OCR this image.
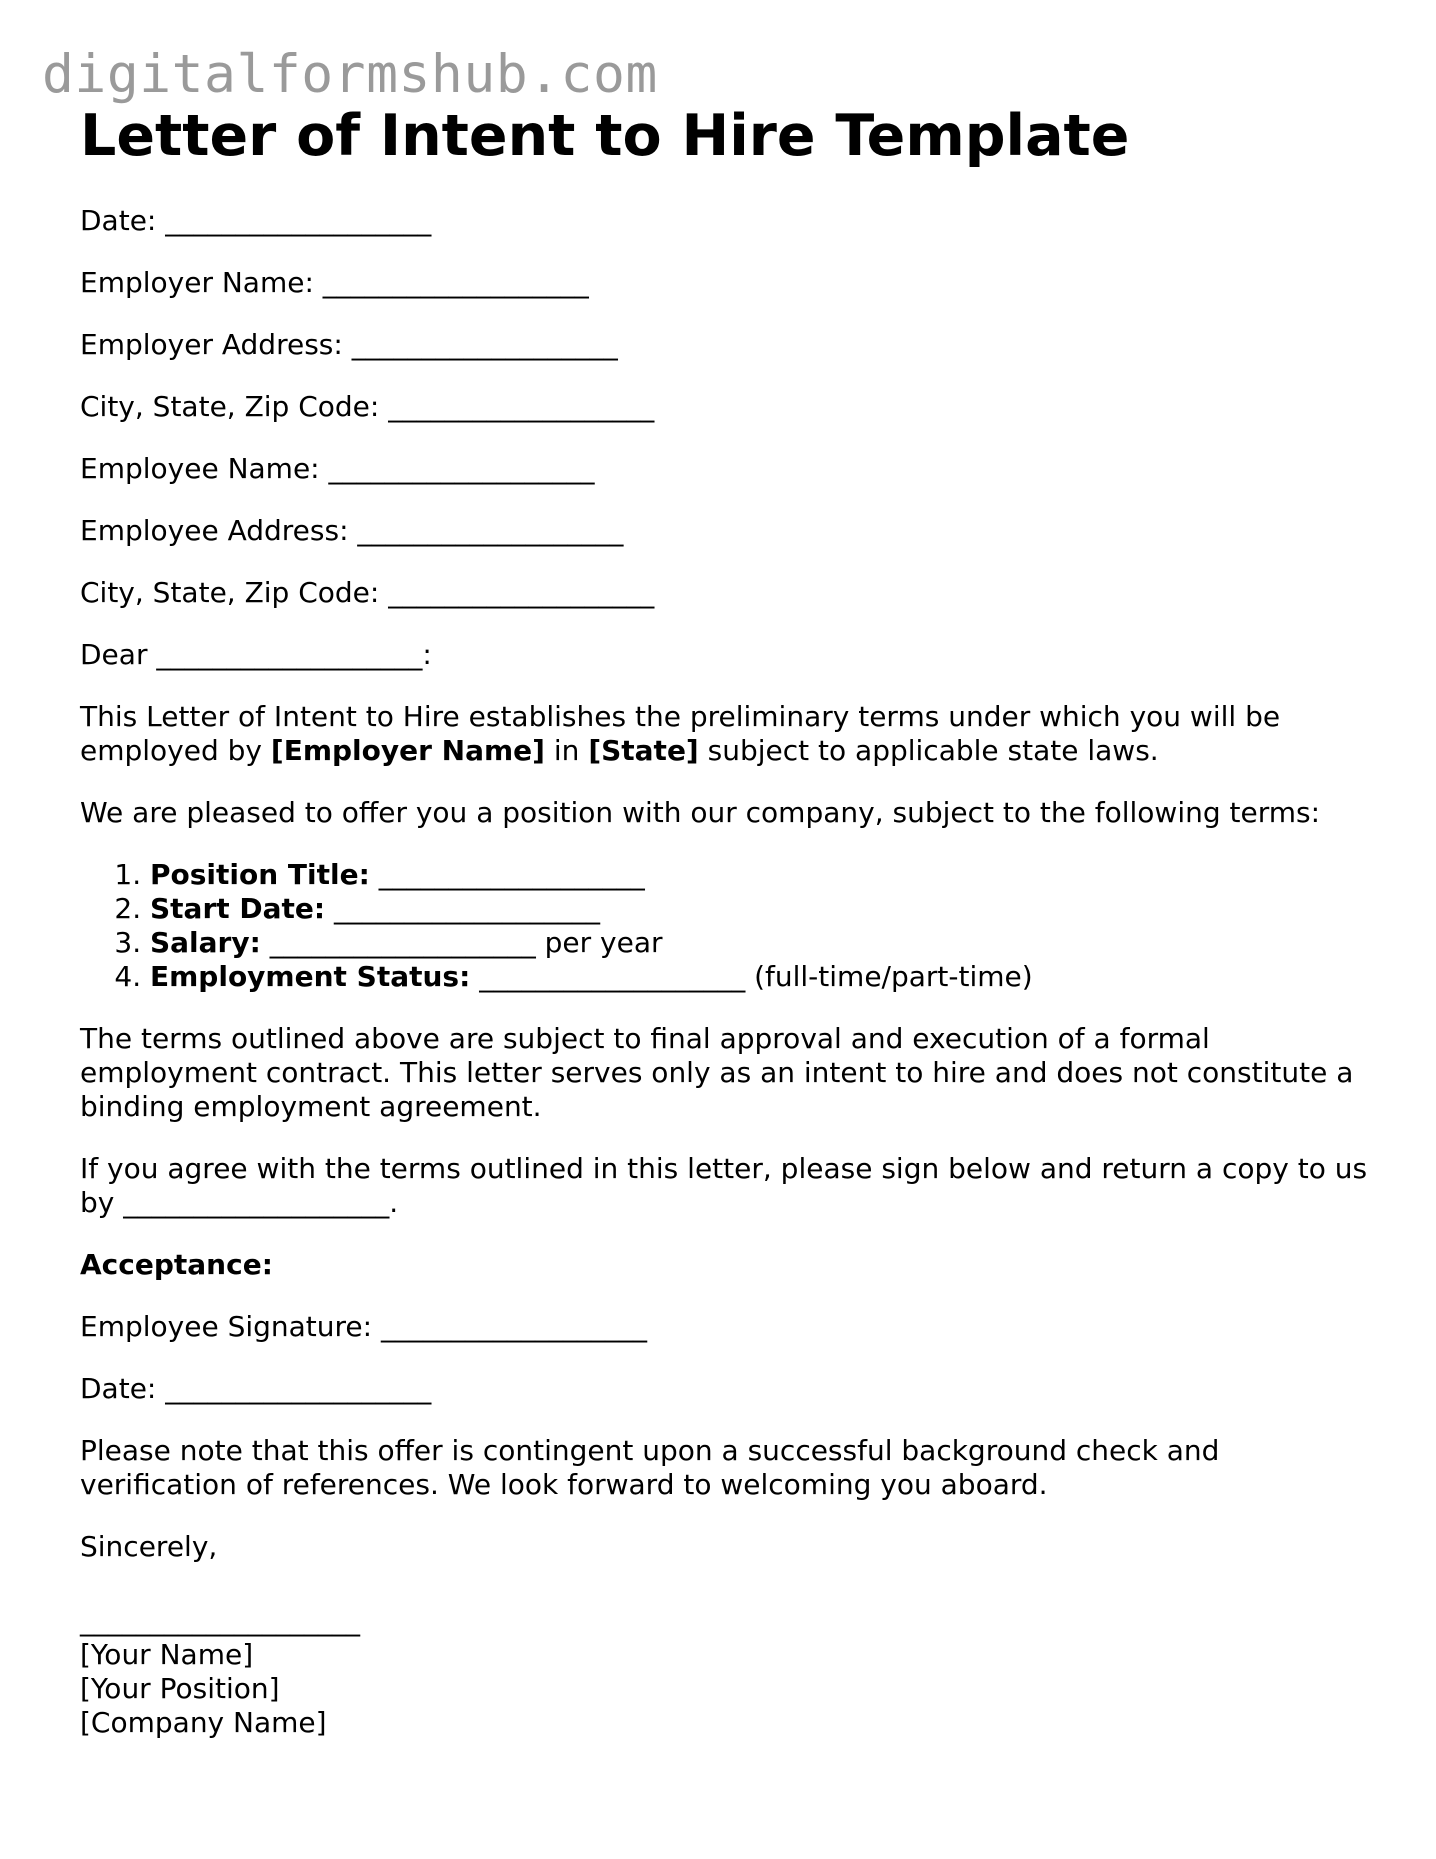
digitalformshub.com
Letter of Intent to Hire Template

Date: ___________________

Employer Name: ___________________

Employer Address: ___________________

City, State, Zip Code: ___________________

Employee Name: ___________________

Employee Address: ___________________

City, State, Zip Code: ___________________

Dear ___________________:

This Letter of Intent to Hire establishes the preliminary terms under which you will be employed by [Employer Name] in [State] subject to applicable state laws.

We are pleased to offer you a position with our company, subject to the following terms:

1. Position Title: ___________________
2. Start Date: ___________________
3. Salary: ___________________ per year
4. Employment Status: ___________________ (full-time/part-time)

The terms outlined above are subject to final approval and execution of a formal employment contract. This letter serves only as an intent to hire and does not constitute a binding employment agreement.

If you agree with the terms outlined in this letter, please sign below and return a copy to us by ___________________.

Acceptance:

Employee Signature: ___________________

Date: ___________________

Please note that this offer is contingent upon a successful background check and verification of references. We look forward to welcoming you aboard.

Sincerely,

____________________

[Your Name]

[Your Position]

[Company Name]
